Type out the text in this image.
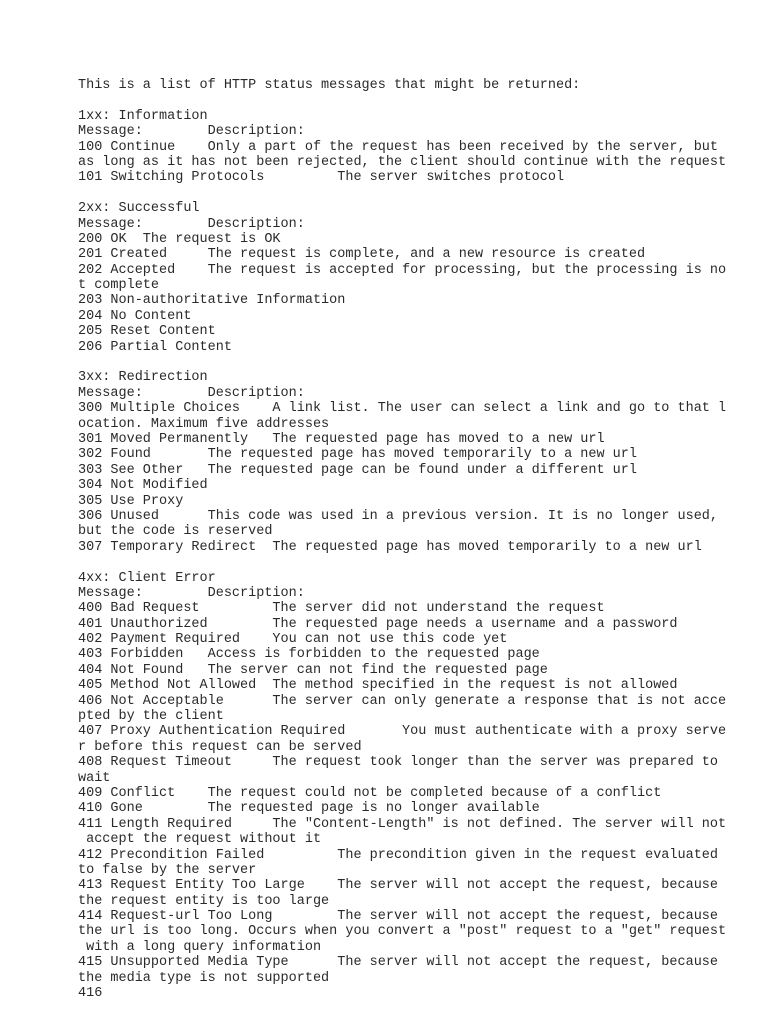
This is a list of HTTP status messages that might be returned:
1xx: Information
Message:        Description:
100 Continue    Only a part of the request has been received by the server, but
as long as it has not been rejected, the client should continue with the request
101 Switching Protocols         The server switches protocol
2xx: Successful
Message:        Description:
200 OK  The request is OK
201 Created     The request is complete, and a new resource is created
202 Accepted    The request is accepted for processing, but the processing is no
t complete
203 Non-authoritative Information
204 No Content
205 Reset Content
206 Partial Content
3xx: Redirection
Message:        Description:
300 Multiple Choices    A link list. The user can select a link and go to that l
ocation. Maximum five addresses
301 Moved Permanently   The requested page has moved to a new url
302 Found       The requested page has moved temporarily to a new url
303 See Other   The requested page can be found under a different url
304 Not Modified
305 Use Proxy
306 Unused      This code was used in a previous version. It is no longer used,
but the code is reserved
307 Temporary Redirect  The requested page has moved temporarily to a new url
4xx: Client Error
Message:        Description:
400 Bad Request         The server did not understand the request
401 Unauthorized        The requested page needs a username and a password
402 Payment Required    You can not use this code yet
403 Forbidden   Access is forbidden to the requested page
404 Not Found   The server can not find the requested page
405 Method Not Allowed  The method specified in the request is not allowed
406 Not Acceptable      The server can only generate a response that is not acce
pted by the client
407 Proxy Authentication Required       You must authenticate with a proxy serve
r before this request can be served
408 Request Timeout     The request took longer than the server was prepared to
wait
409 Conflict    The request could not be completed because of a conflict
410 Gone        The requested page is no longer available
411 Length Required     The "Content-Length" is not defined. The server will not
accept the request without it
412 Precondition Failed         The precondition given in the request evaluated
to false by the server
413 Request Entity Too Large    The server will not accept the request, because
the request entity is too large
414 Request-url Too Long        The server will not accept the request, because
the url is too long. Occurs when you convert a "post" request to a "get" request
with a long query information
415 Unsupported Media Type      The server will not accept the request, because
the media type is not supported
416
